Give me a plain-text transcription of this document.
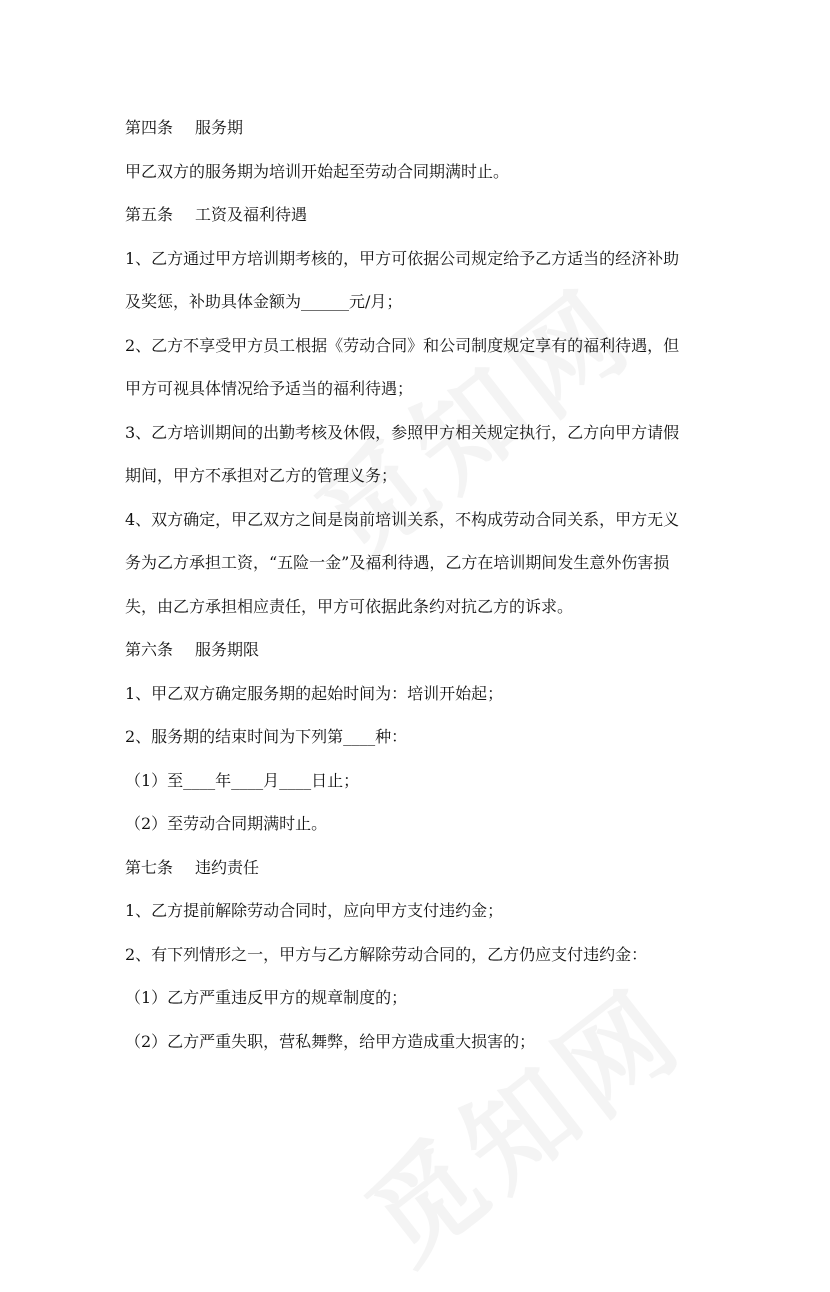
第四条 服务期

甲乙双方的服务期为培训开始起至劳动合同期满时止。

第五条 工资及福利待遇

1、乙方通过甲方培训期考核的，甲方可依据公司规定给予乙方适当的经济补助

及奖惩，补助具体金额为______元/月；

2、乙方不享受甲方员工根据《劳动合同》和公司制度规定享有的福利待遇，但

甲方可视具体情况给予适当的福利待遇；

3、乙方培训期间的出勤考核及休假，参照甲方相关规定执行，乙方向甲方请假

期间，甲方不承担对乙方的管理义务；

4、双方确定，甲乙双方之间是岗前培训关系，不构成劳动合同关系，甲方无义

务为乙方承担工资，“五险一金”及福利待遇，乙方在培训期间发生意外伤害损

失，由乙方承担相应责任，甲方可依据此条约对抗乙方的诉求。

第六条 服务期限

1、甲乙双方确定服务期的起始时间为：培训开始起；

2、服务期的结束时间为下列第____种：

（1）至____年____月____日止；

（2）至劳动合同期满时止。

第七条 违约责任

1、乙方提前解除劳动合同时，应向甲方支付违约金；

2、有下列情形之一，甲方与乙方解除劳动合同的，乙方仍应支付违约金：

（1）乙方严重违反甲方的规章制度的；

（2）乙方严重失职，营私舞弊，给甲方造成重大损害的；
